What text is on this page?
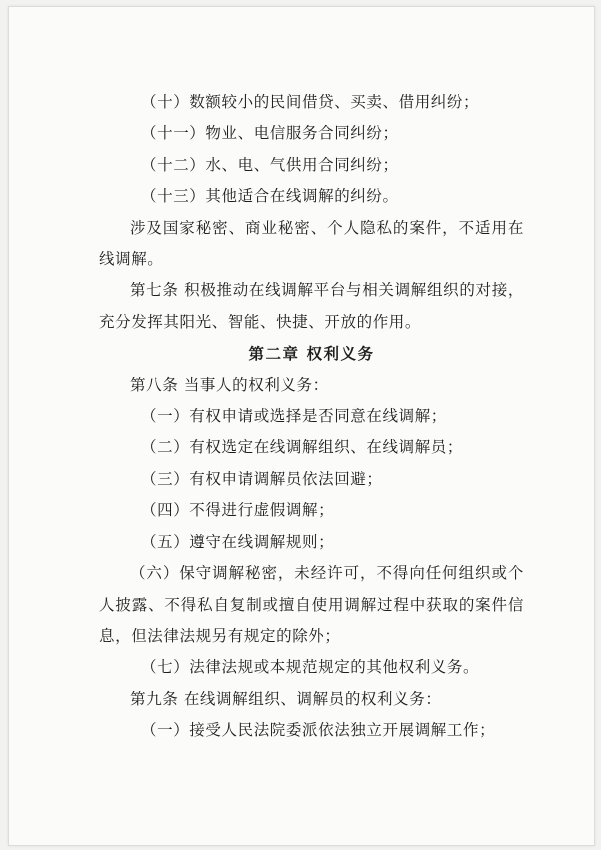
（十）数额较小的民间借贷、买卖、借用纠纷；

（十一）物业、电信服务合同纠纷；

（十二）水、电、气供用合同纠纷；

（十三）其他适合在线调解的纠纷。

涉及国家秘密、商业秘密、个人隐私的案件，不适用在线调解。

第七条 积极推动在线调解平台与相关调解组织的对接，充分发挥其阳光、智能、快捷、开放的作用。

第二章 权利义务

第八条 当事人的权利义务：

（一）有权申请或选择是否同意在线调解；

（二）有权选定在线调解组织、在线调解员；

（三）有权申请调解员依法回避；

（四）不得进行虚假调解；

（五）遵守在线调解规则；

（六）保守调解秘密，未经许可，不得向任何组织或个人披露、不得私自复制或擅自使用调解过程中获取的案件信息，但法律法规另有规定的除外；

（七）法律法规或本规范规定的其他权利义务。

第九条 在线调解组织、调解员的权利义务：

（一）接受人民法院委派依法独立开展调解工作；
